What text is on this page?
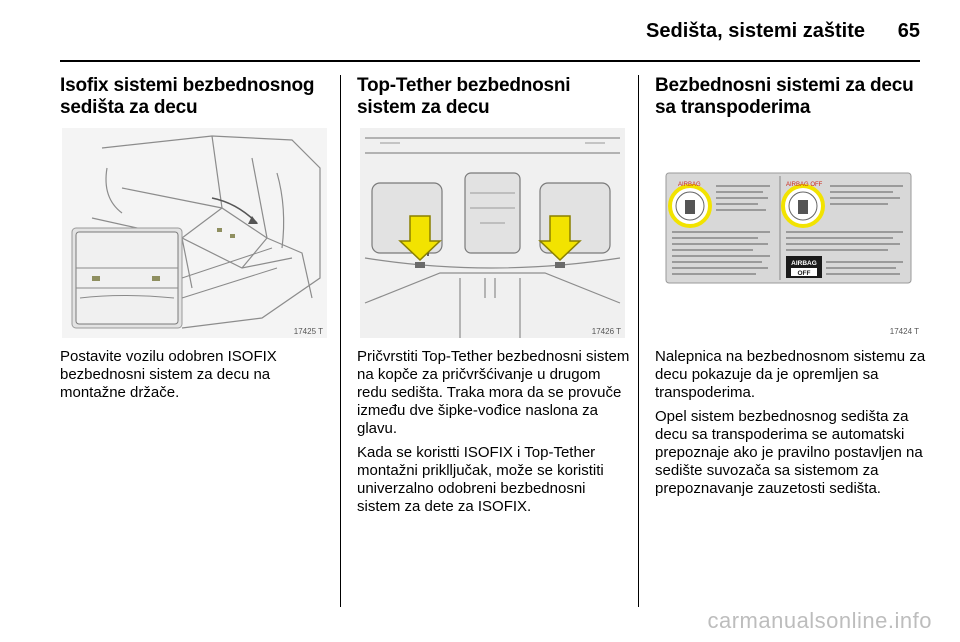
Sedišta, sistemi zaštite 65
Isofix sistemi bezbednosnog
sedišta za decu
17425 T

Postavite vozilu odobren ISOFIX bezbednosni sistem za decu na montažne držače.

Top-Tether bezbednosni
sistem za decu
17426 T

Pričvrstiti Top-Tether bezbednosni sistem na kopče za pričvršćivanje u drugom redu sedišta. Traka mora da se provuče između dve šipke-vođice naslona za glavu.

Kada se koristti ISOFIX i Top-Tether montažni priklljučak, može se koristiti univerzalno odobreni bezbednosni sistem za dete za ISOFIX.

Bezbednosni sistemi za decu
sa transpoderima
AIRBAG	AIRBAG OFF
AIRBAG
OFF
17424 T

Nalepnica na bezbednosnom sistemu za decu pokazuje da je opremljen sa transpoderima.

Opel sistem bezbednosnog sedišta za decu sa transpoderima se automatski prepoznaje ako je pravilno postavljen na sedište suvozača sa sistemom za prepoznavanje zauzetosti sedišta.

carmanualsonline.info
